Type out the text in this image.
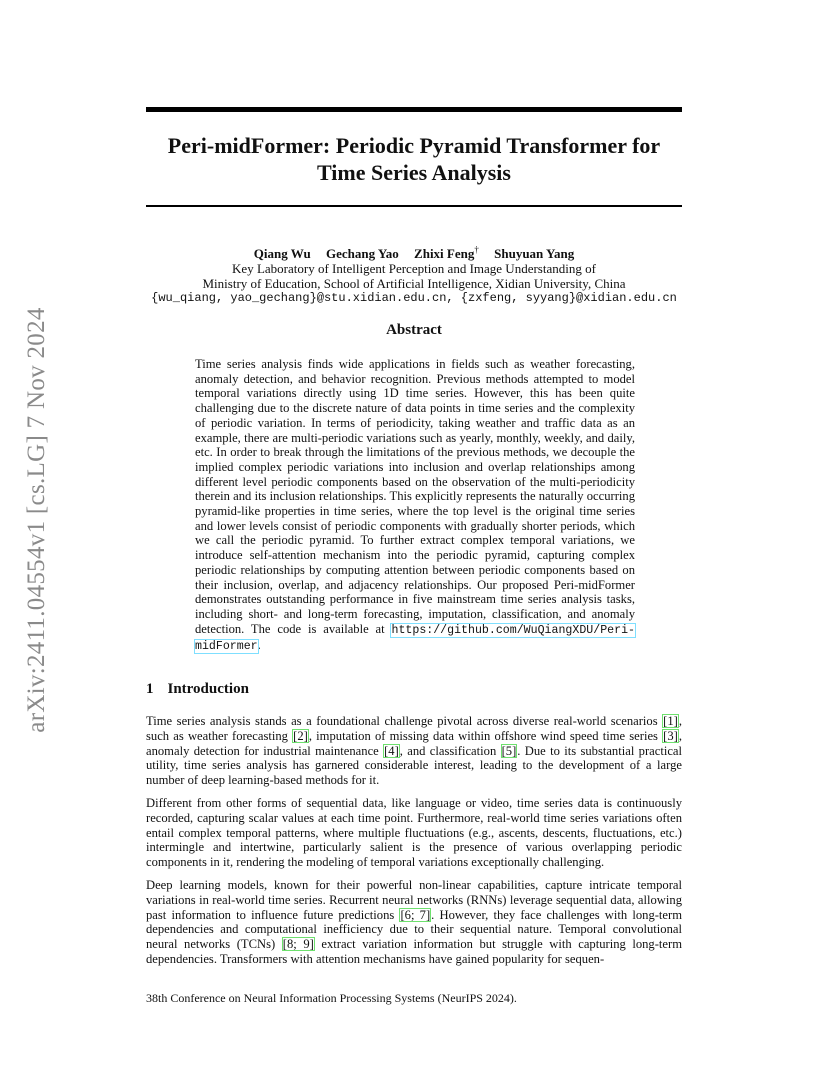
arXiv:2411.04554v1 [cs.LG] 7 Nov 2024
Peri-midFormer: Periodic Pyramid Transformer for
Time Series Analysis
Qiang Wu Gechang Yao Zhixi Feng† Shuyuan Yang
Key Laboratory of Intelligent Perception and Image Understanding of
Ministry of Education, School of Artificial Intelligence, Xidian University, China
{wu_qiang, yao_gechang}@stu.xidian.edu.cn, {zxfeng, syyang}@xidian.edu.cn
Abstract

Time series analysis finds wide applications in fields such as weather forecasting, anomaly detection, and behavior recognition. Previous methods attempted to model temporal variations directly using 1D time series. However, this has been quite challenging due to the discrete nature of data points in time series and the complexity of periodic variation. In terms of periodicity, taking weather and traffic data as an example, there are multi-periodic variations such as yearly, monthly, weekly, and daily, etc. In order to break through the limitations of the previous methods, we decouple the implied complex periodic variations into inclusion and overlap relationships among different level periodic components based on the observation of the multi-periodicity therein and its inclusion relationships. This explicitly represents the naturally occurring pyramid-like properties in time series, where the top level is the original time series and lower levels consist of periodic components with gradually shorter periods, which we call the periodic pyramid. To further extract complex temporal variations, we introduce self-attention mechanism into the periodic pyramid, capturing complex periodic relationships by computing attention between periodic components based on their inclusion, overlap, and adjacency relationships. Our proposed Peri-midFormer demonstrates outstanding performance in five mainstream time series analysis tasks, including short- and long-term forecasting, imputation, classification, and anomaly detection. The code is available at https://github.com/WuQiangXDU/Peri-midFormer.

1 Introduction

Time series analysis stands as a foundational challenge pivotal across diverse real-world scenarios [1], such as weather forecasting [2], imputation of missing data within offshore wind speed time series [3], anomaly detection for industrial maintenance [4], and classification [5]. Due to its substantial practical utility, time series analysis has garnered considerable interest, leading to the development of a large number of deep learning-based methods for it.

Different from other forms of sequential data, like language or video, time series data is continuously recorded, capturing scalar values at each time point. Furthermore, real-world time series variations often entail complex temporal patterns, where multiple fluctuations (e.g., ascents, descents, fluctuations, etc.) intermingle and intertwine, particularly salient is the presence of various overlapping periodic components in it, rendering the modeling of temporal variations exceptionally challenging.

Deep learning models, known for their powerful non-linear capabilities, capture intricate temporal variations in real-world time series. Recurrent neural networks (RNNs) leverage sequential data, allowing past information to influence future predictions [6; 7]. However, they face challenges with long-term dependencies and computational inefficiency due to their sequential nature. Temporal convolutional neural networks (TCNs) [8; 9] extract variation information but struggle with capturing long-term dependencies. Transformers with attention mechanisms have gained popularity for sequen-

38th Conference on Neural Information Processing Systems (NeurIPS 2024).
